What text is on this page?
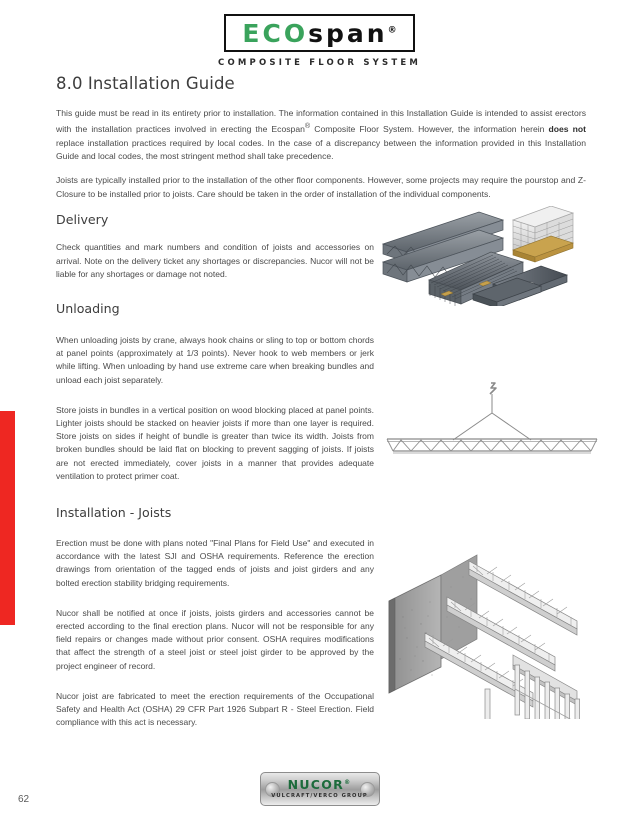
ECOspan®
COMPOSITE FLOOR SYSTEM
8.0 Installation Guide

This guide must be read in its entirety prior to installation. The information contained in this Installation Guide is intended to assist erectors with the installation practices involved in erecting the Ecospan® Composite Floor System. However, the information herein does not replace installation practices required by local codes. In the case of a discrepancy between the information provided in this Installation Guide and local codes, the most stringent method shall take precedence.

Joists are typically installed prior to the installation of the other floor components. However, some projects may require the pourstop and Z-Closure to be installed prior to joists. Care should be taken in the order of installation of the individual components.

Delivery

Check quantities and mark numbers and condition of joists and accessories on arrival. Note on the delivery ticket any shortages or discrepancies. Nucor will not be liable for any shortages or damage not noted.

Unloading

When unloading joists by crane, always hook chains or sling to top or bottom chords at panel points (approximately at 1/3 points). Never hook to web members or jerk while lifting. When unloading by hand use extreme care when breaking bundles and unload each joist separately.

Store joists in bundles in a vertical position on wood blocking placed at panel points. Lighter joists should be stacked on heavier joists if more than one layer is required. Store joists on sides if height of bundle is greater than twice its width. Joists from broken bundles should be laid flat on blocking to prevent sagging of joists. If joists are not erected immediately, cover joists in a manner that provides adequate ventilation to protect primer coat.

Installation - Joists

Erection must be done with plans noted "Final Plans for Field Use" and executed in accordance with the latest SJI and OSHA requirements. Reference the erection drawings from orientation of the tagged ends of joists and joist girders and any bolted erection stability bridging requirements.

Nucor shall be notified at once if joists, joists girders and accessories cannot be erected according to the final erection plans. Nucor will not be responsible for any field repairs or changes made without prior consent. OSHA requires modifications that affect the strength of a steel joist or steel joist girder to be approved by the project engineer of record.

Nucor joist are fabricated to meet the erection requirements of the Occupational Safety and Health Act (OSHA) 29 CFR Part 1926 Subpart R - Steel Erection. Field compliance with this act is necessary.

NUCOR®
VULCRAFT/VERCO GROUP
62
